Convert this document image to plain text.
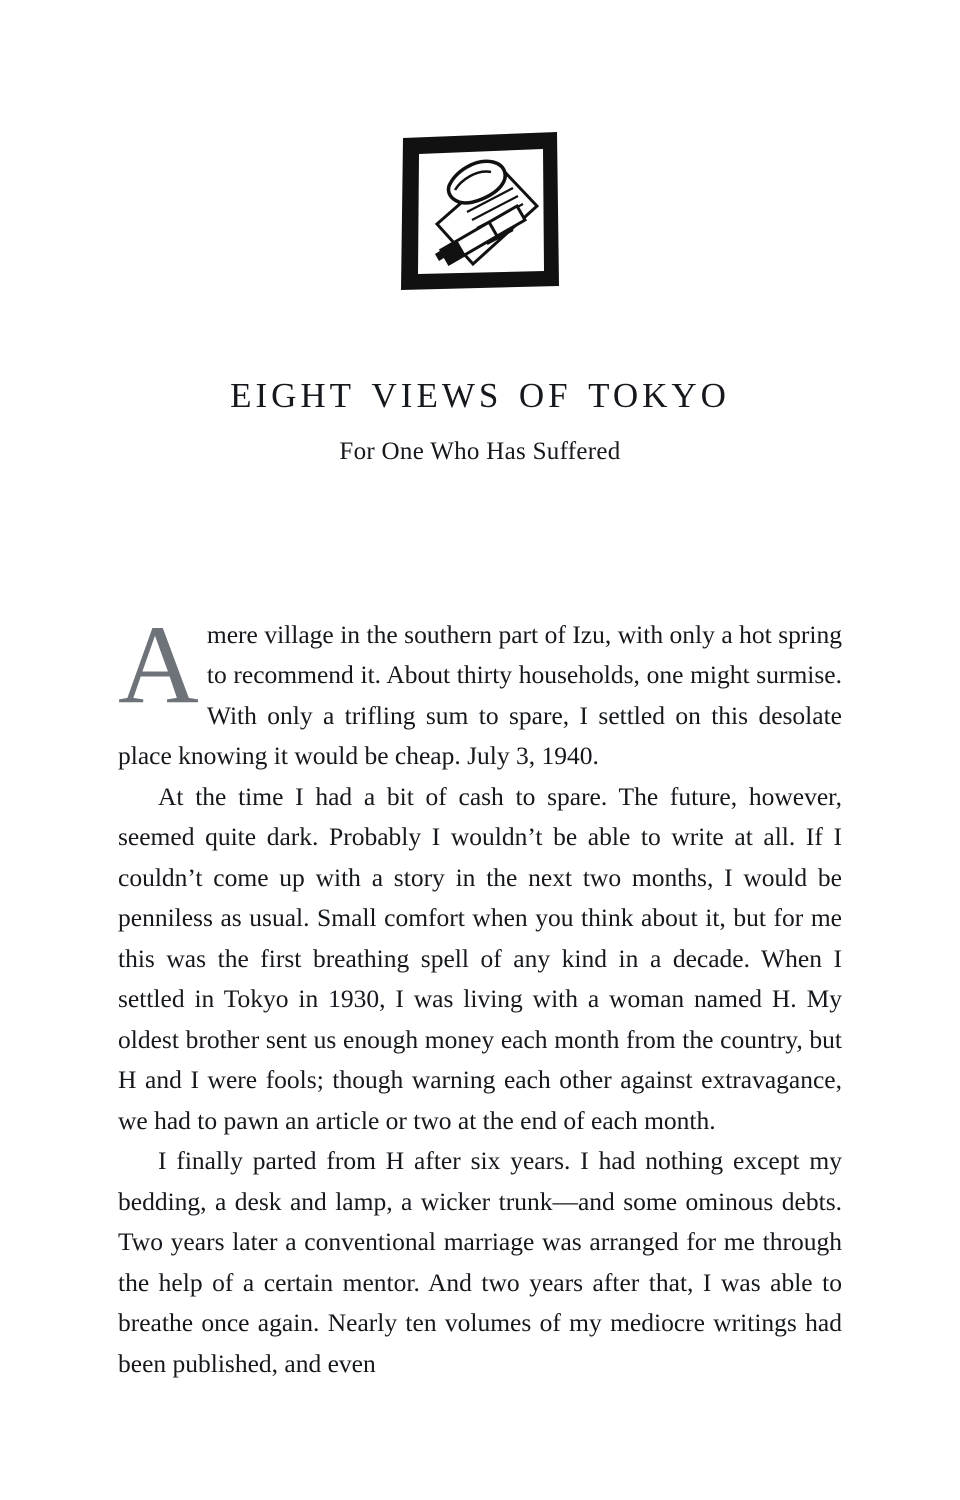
eight views of tokyo
For One Who Has Suffered

Amere village in the southern part of Izu, with only a hot spring to recommend it. About thirty households, one might surmise. With only a trifling sum to spare, I settled on this desolate place knowing it would be cheap. July 3, 1940.

At the time I had a bit of cash to spare. The future, however, seemed quite dark. Probably I wouldn’t be able to write at all. If I couldn’t come up with a story in the next two months, I would be penniless as usual. Small comfort when you think about it, but for me this was the first breathing spell of any kind in a decade. When I settled in Tokyo in 1930, I was living with a woman named H. My oldest brother sent us enough money each month from the country, but H and I were fools; though warning each other against extravagance, we had to pawn an article or two at the end of each month.

I finally parted from H after six years. I had nothing except my bedding, a desk and lamp, a wicker trunk—and some ominous debts. Two years later a conventional marriage was arranged for me through the help of a certain mentor. And two years after that, I was able to breathe once again. Nearly ten volumes of my mediocre writings had been published, and even
